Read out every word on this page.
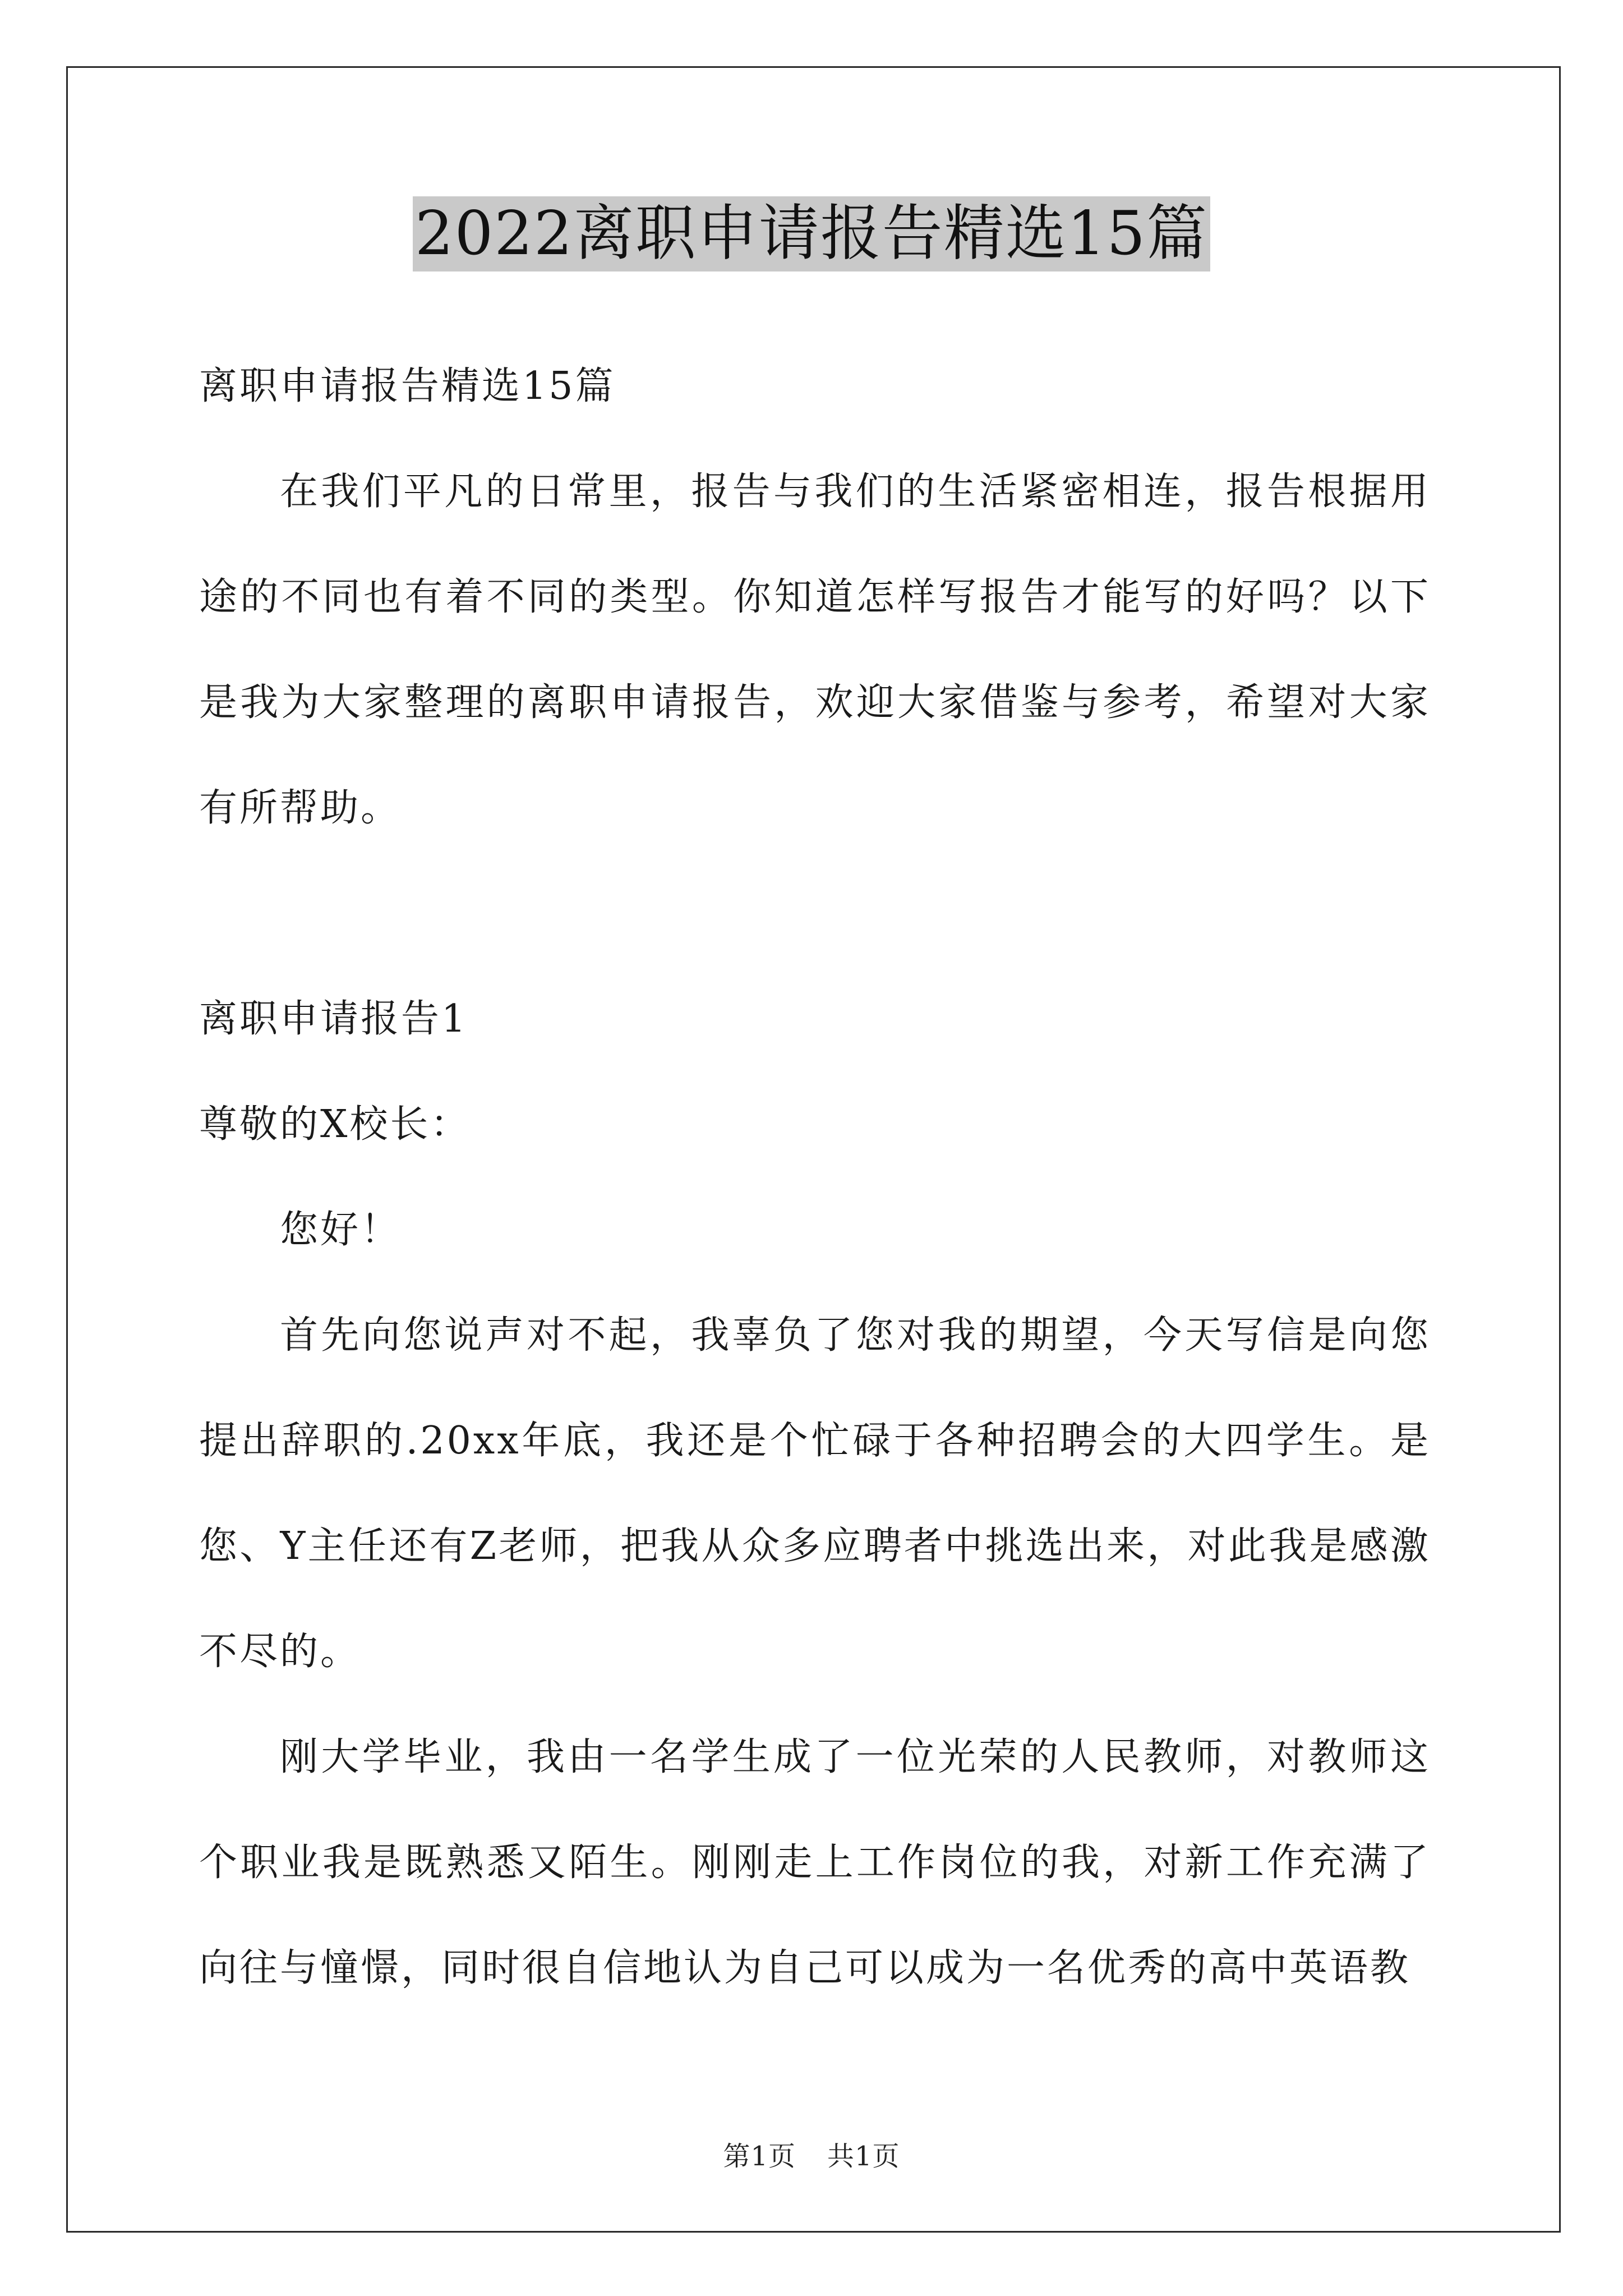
2022离职申请报告精选15篇

离职申请报告精选15篇

在我们平凡的日常里，报告与我们的生活紧密相连，报告根据用途的不同也有着不同的类型。你知道怎样写报告才能写的好吗？以下是我为大家整理的离职申请报告，欢迎大家借鉴与参考，希望对大家有所帮助。

离职申请报告1

尊敬的X校长：

您好！

首先向您说声对不起，我辜负了您对我的期望，今天写信是向您提出辞职的.20xx年底，我还是个忙碌于各种招聘会的大四学生。是您、Y主任还有Z老师，把我从众多应聘者中挑选出来，对此我是感激不尽的。

刚大学毕业，我由一名学生成了一位光荣的人民教师，对教师这个职业我是既熟悉又陌生。刚刚走上工作岗位的我，对新工作充满了向往与憧憬，同时很自信地认为自己可以成为一名优秀的高中英语教

第1页 共1页
